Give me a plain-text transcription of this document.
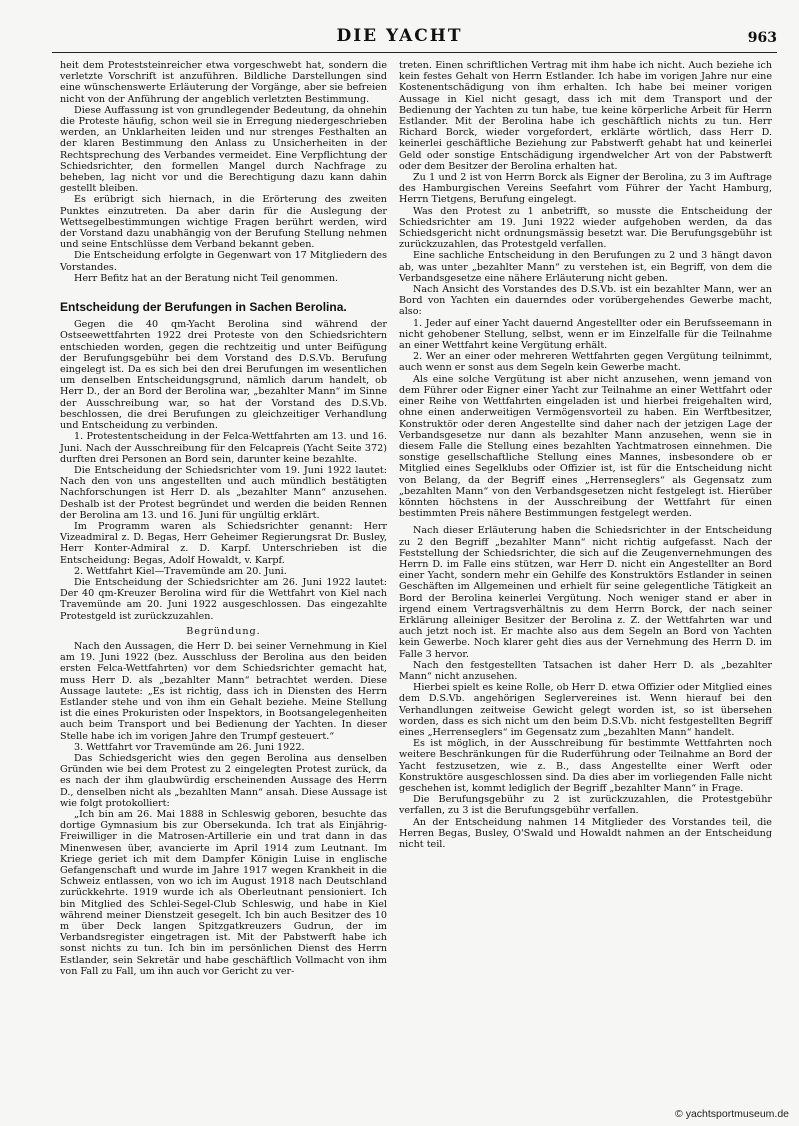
DIE YACHT	963

heit dem Proteststeinreicher etwa vorgeschwebt hat, sondern die verletzte Vorschrift ist anzuführen. Bildliche Darstellungen sind eine wünschenswerte Erläuterung der Vorgänge, aber sie befreien nicht von der Anführung der angeblich verletzten Bestimmung.

Diese Auffassung ist von grundlegender Bedeutung, da ohnehin die Proteste häufig, schon weil sie in Erregung niedergeschrieben werden, an Unklarheiten leiden und nur strenges Festhalten an der klaren Bestimmung den Anlass zu Unsicherheiten in der Rechtsprechung des Verbandes vermeidet. Eine Verpflichtung der Schiedsrichter, den formellen Mangel durch Nachfrage zu beheben, lag nicht vor und die Berechtigung dazu kann dahin gestellt bleiben.

Es erübrigt sich hiernach, in die Erörterung des zweiten Punktes einzutreten. Da aber darin für die Auslegung der Wettsegelbestimmungen wichtige Fragen berührt werden, wird der Vorstand dazu unabhängig von der Berufung Stellung nehmen und seine Entschlüsse dem Verband bekannt geben.

Die Entscheidung erfolgte in Gegenwart von 17 Mitgliedern des Vorstandes.

Herr Befitz hat an der Beratung nicht Teil genommen.

Entscheidung der Berufungen in Sachen Berolina.

Gegen die 40 qm-Yacht Berolina sind während der Ostseewettfahrten 1922 drei Proteste von den Schiedsrichtern entschieden worden, gegen die rechtzeitig und unter Beifügung der Berufungsgebühr bei dem Vorstand des D.S.Vb. Berufung eingelegt ist. Da es sich bei den drei Berufungen im wesentlichen um denselben Entscheidungsgrund, nämlich darum handelt, ob Herr D., der an Bord der Berolina war, „bezahlter Mann“ im Sinne der Ausschreibung war, so hat der Vorstand des D.S.Vb. beschlossen, die drei Berufungen zu gleichzeitiger Verhandlung und Entscheidung zu verbinden.

1. Protestentscheidung in der Felca-Wettfahrten am 13. und 16. Juni. Nach der Ausschreibung für den Felcapreis (Yacht Seite 372) durften drei Personen an Bord sein, darunter keine bezahlte.

Die Entscheidung der Schiedsrichter vom 19. Juni 1922 lautet: Nach den von uns angestellten und auch mündlich bestätigten Nachforschungen ist Herr D. als „bezahlter Mann“ anzusehen. Deshalb ist der Protest begründet und werden die beiden Rennen der Berolina am 13. und 16. Juni für ungültig erklärt.

Im Programm waren als Schiedsrichter genannt: Herr Vizeadmiral z. D. Begas, Herr Geheimer Regierungsrat Dr. Busley, Herr Konter-Admiral z. D. Karpf. Unterschrieben ist die Entscheidung: Begas, Adolf Howaldt, v. Karpf.

2. Wettfahrt Kiel—Travemünde am 20. Juni.

Die Entscheidung der Schiedsrichter am 26. Juni 1922 lautet: Der 40 qm-Kreuzer Berolina wird für die Wettfahrt von Kiel nach Travemünde am 20. Juni 1922 ausgeschlossen. Das eingezahlte Protestgeld ist zurückzuzahlen.

Begründung.

Nach den Aussagen, die Herr D. bei seiner Vernehmung in Kiel am 19. Juni 1922 (bez. Ausschluss der Berolina aus den beiden ersten Felca-Wettfahrten) vor dem Schiedsrichter gemacht hat, muss Herr D. als „bezahlter Mann“ betrachtet werden. Diese Aussage lautete: „Es ist richtig, dass ich in Diensten des Herrn Estlander stehe und von ihm ein Gehalt beziehe. Meine Stellung ist die eines Prokuristen oder Inspektors, in Bootsangelegenheiten auch beim Transport und bei Bedienung der Yachten. In dieser Stelle habe ich im vorigen Jahre den Trumpf gesteuert.“

3. Wettfahrt vor Travemünde am 26. Juni 1922.

Das Schiedsgericht wies den gegen Berolina aus denselben Gründen wie bei dem Protest zu 2 eingelegten Protest zurück, da es nach der ihm glaubwürdig erscheinenden Aussage des Herrn D., denselben nicht als „bezahlten Mann“ ansah. Diese Aussage ist wie folgt protokolliert:

„Ich bin am 26. Mai 1888 in Schleswig geboren, besuchte das dortige Gymnasium bis zur Obersekunda. Ich trat als Einjährig-Freiwilliger in die Matrosen-Artillerie ein und trat dann in das Minenwesen über, avancierte im April 1914 zum Leutnant. Im Kriege geriet ich mit dem Dampfer Königin Luise in englische Gefangenschaft und wurde im Jahre 1917 wegen Krankheit in die Schweiz entlassen, von wo ich im August 1918 nach Deutschland zurückkehrte. 1919 wurde ich als Oberleutnant pensioniert. Ich bin Mitglied des Schlei-Segel-Club Schleswig, und habe in Kiel während meiner Dienstzeit gesegelt. Ich bin auch Besitzer des 10 m über Deck langen Spitzgatkreuzers Gudrun, der im Verbandsregister eingetragen ist. Mit der Pabstwerft habe ich sonst nichts zu tun. Ich bin im persönlichen Dienst des Herrn Estlander, sein Sekretär und habe geschäftlich Vollmacht von ihm von Fall zu Fall, um ihn auch vor Gericht zu ver-

treten. Einen schriftlichen Vertrag mit ihm habe ich nicht. Auch beziehe ich kein festes Gehalt von Herrn Estlander. Ich habe im vorigen Jahre nur eine Kostenentschädigung von ihm erhalten. Ich habe bei meiner vorigen Aussage in Kiel nicht gesagt, dass ich mit dem Transport und der Bedienung der Yachten zu tun habe, tue keine körperliche Arbeit für Herrn Estlander. Mit der Berolina habe ich geschäftlich nichts zu tun. Herr Richard Borck, wieder vorgefordert, erklärte wörtlich, dass Herr D. keinerlei geschäftliche Beziehung zur Pabstwerft gehabt hat und keinerlei Geld oder sonstige Entschädigung irgendwelcher Art von der Pabstwerft oder dem Besitzer der Berolina erhalten hat.

Zu 1 und 2 ist von Herrn Borck als Eigner der Berolina, zu 3 im Auftrage des Hamburgischen Vereins Seefahrt vom Führer der Yacht Hamburg, Herrn Tietgens, Berufung eingelegt.

Was den Protest zu 1 anbetrifft, so musste die Entscheidung der Schiedsrichter am 19. Juni 1922 wieder aufgehoben werden, da das Schiedsgericht nicht ordnungsmässig besetzt war. Die Berufungsgebühr ist zurückzuzahlen, das Protestgeld verfallen.

Eine sachliche Entscheidung in den Berufungen zu 2 und 3 hängt davon ab, was unter „bezahlter Mann“ zu verstehen ist, ein Begriff, von dem die Verbandsgesetze eine nähere Erläuterung nicht geben.

Nach Ansicht des Vorstandes des D.S.Vb. ist ein bezahlter Mann, wer an Bord von Yachten ein dauerndes oder vorübergehendes Gewerbe macht, also:

1. Jeder auf einer Yacht dauernd Angestellter oder ein Berufsseemann in nicht gehobener Stellung, selbst, wenn er im Einzelfalle für die Teilnahme an einer Wettfahrt keine Vergütung erhält.

2. Wer an einer oder mehreren Wettfahrten gegen Vergütung teilnimmt, auch wenn er sonst aus dem Segeln kein Gewerbe macht.

Als eine solche Vergütung ist aber nicht anzusehen, wenn jemand von dem Führer oder Eigner einer Yacht zur Teilnahme an einer Wettfahrt oder einer Reihe von Wettfahrten eingeladen ist und hierbei freigehalten wird, ohne einen anderweitigen Vermögensvorteil zu haben. Ein Werftbesitzer, Konstruktör oder deren Angestellte sind daher nach der jetzigen Lage der Verbandsgesetze nur dann als bezahlter Mann anzusehen, wenn sie in diesem Falle die Stellung eines bezahlten Yachtmatrosen einnehmen. Die sonstige gesellschaftliche Stellung eines Mannes, insbesondere ob er Mitglied eines Segelklubs oder Offizier ist, ist für die Entscheidung nicht von Belang, da der Begriff eines „Herrenseglers“ als Gegensatz zum „bezahlten Mann“ von den Verbandsgesetzen nicht festgelegt ist. Hierüber könnten höchstens in der Ausschreibung der Wettfahrt für einen bestimmten Preis nähere Bestimmungen festgelegt werden.

Nach dieser Erläuterung haben die Schiedsrichter in der Entscheidung zu 2 den Begriff „bezahlter Mann“ nicht richtig aufgefasst. Nach der Feststellung der Schiedsrichter, die sich auf die Zeugenvernehmungen des Herrn D. im Falle eins stützen, war Herr D. nicht ein Angestellter an Bord einer Yacht, sondern mehr ein Gehilfe des Konstruktörs Estlander in seinen Geschäften im Allgemeinen und erhielt für seine gelegentliche Tätigkeit an Bord der Berolina keinerlei Vergütung. Noch weniger stand er aber in irgend einem Vertragsverhältnis zu dem Herrn Borck, der nach seiner Erklärung alleiniger Besitzer der Berolina z. Z. der Wettfahrten war und auch jetzt noch ist. Er machte also aus dem Segeln an Bord von Yachten kein Gewerbe. Noch klarer geht dies aus der Vernehmung des Herrn D. im Falle 3 hervor.

Nach den festgestellten Tatsachen ist daher Herr D. als „bezahlter Mann“ nicht anzusehen.

Hierbei spielt es keine Rolle, ob Herr D. etwa Offizier oder Mitglied eines dem D.S.Vb. angehörigen Seglervereines ist. Wenn hierauf bei den Verhandlungen zeitweise Gewicht gelegt worden ist, so ist übersehen worden, dass es sich nicht um den beim D.S.Vb. nicht festgestellten Begriff eines „Herrenseglers“ im Gegensatz zum „bezahlten Mann“ handelt.

Es ist möglich, in der Ausschreibung für bestimmte Wettfahrten noch weitere Beschränkungen für die Ruderführung oder Teilnahme an Bord der Yacht festzusetzen, wie z. B., dass Angestellte einer Werft oder Konstruktöre ausgeschlossen sind. Da dies aber im vorliegenden Falle nicht geschehen ist, kommt lediglich der Begriff „bezahlter Mann“ in Frage.

Die Berufungsgebühr zu 2 ist zurückzuzahlen, die Protestgebühr verfallen, zu 3 ist die Berufungsgebühr verfallen.

An der Entscheidung nahmen 14 Mitglieder des Vorstandes teil, die Herren Begas, Busley, O'Swald und Howaldt nahmen an der Entscheidung nicht teil.

© yachtsportmuseum.de
